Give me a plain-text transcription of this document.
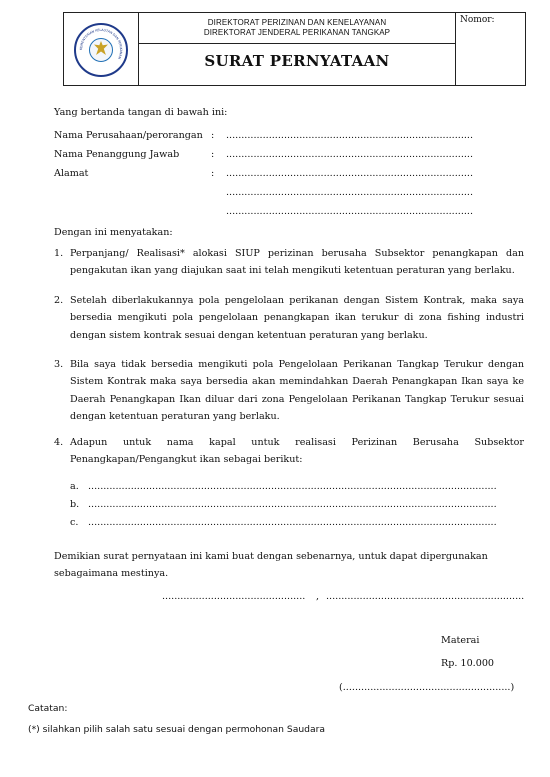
KEMENTERIAN KELAUTAN DAN PERIKANAN
DIREKTORAT PERIZINAN DAN KENELAYANAN
DIREKTORAT JENDERAL PERIKANAN TANGKAP
SURAT PERNYATAAN
Nomor:
Yang bertanda tangan di bawah ini:
Nama Perusahaan/perorangan : .................................................................................
Nama Penanggung Jawab	: .................................................................................
Alamat	: .................................................................................
.................................................................................
.................................................................................
Dengan ini menyatakan:
1. Perpanjang/ Realisasi* alokasi SIUP perizinan berusaha Subsektor penangkapan dan pengakutan ikan yang diajukan saat ini telah mengikuti ketentuan peraturan yang berlaku.
2. Setelah diberlakukannya pola pengelolaan perikanan dengan Sistem Kontrak, maka saya bersedia mengikuti pola pengelolaan penangkapan ikan terukur di zona fishing industri dengan sistem kontrak sesuai dengan ketentuan peraturan yang berlaku.
3. Bila saya tidak bersedia mengikuti pola Pengelolaan Perikanan Tangkap Terukur dengan Sistem Kontrak maka saya bersedia akan memindahkan Daerah Penangkapan Ikan saya ke Daerah Penangkapan Ikan diluar dari zona Pengelolaan Perikanan Tangkap Terukur sesuai dengan ketentuan peraturan yang berlaku.
4. Adapun untuk nama kapal untuk realisasi Perizinan Berusaha Subsektor Penangkapan/Pengangkut ikan sebagai berikut:
a. ......................................................................................................................................
b. ......................................................................................................................................
c. ......................................................................................................................................
Demikian surat pernyataan ini kami buat dengan sebenarnya, untuk dapat dipergunakan sebagaimana mestinya.
............................................... , .................................................................
Materai
Rp. 10.000
(.......................................................)
Catatan:
(*) silahkan pilih salah satu sesuai dengan permohonan Saudara
